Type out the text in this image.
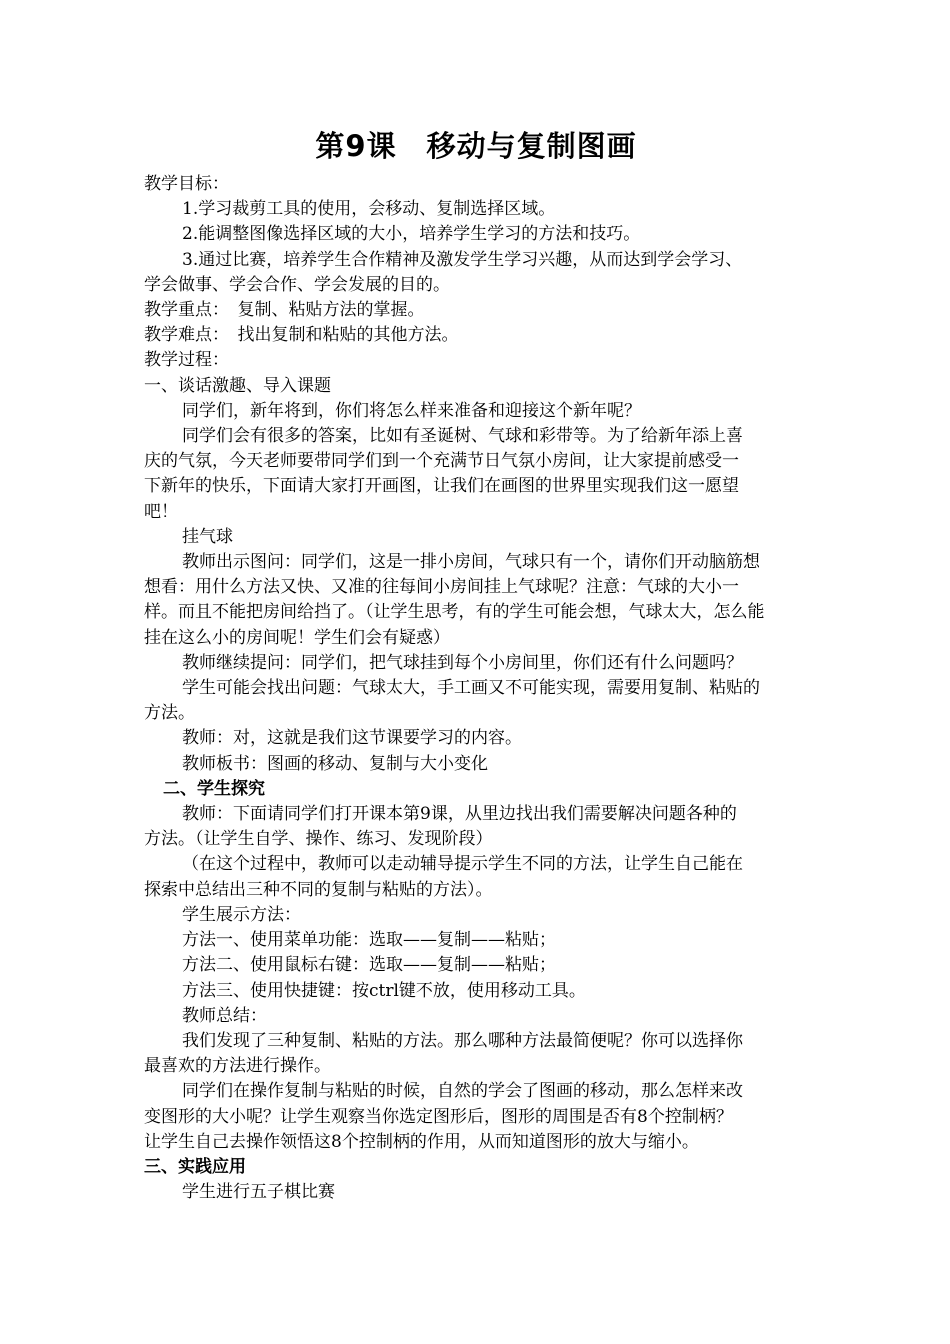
第9课　移动与复制图画

教学目标：

1.学习裁剪工具的使用，会移动、复制选择区域。

2.能调整图像选择区域的大小，培养学生学习的方法和技巧。

3.通过比赛，培养学生合作精神及激发学生学习兴趣，从而达到学会学习、

学会做事、学会合作、学会发展的目的。

教学重点：　复制、粘贴方法的掌握。

教学难点：　找出复制和粘贴的其他方法。

教学过程：

一、谈话激趣、导入课题

同学们，新年将到，你们将怎么样来准备和迎接这个新年呢？

同学们会有很多的答案，比如有圣诞树、气球和彩带等。为了给新年添上喜

庆的气氛，今天老师要带同学们到一个充满节日气氛小房间，让大家提前感受一

下新年的快乐，下面请大家打开画图，让我们在画图的世界里实现我们这一愿望

吧！

挂气球

教师出示图问：同学们，这是一排小房间，气球只有一个，请你们开动脑筋想

想看：用什么方法又快、又准的往每间小房间挂上气球呢？注意：气球的大小一

样。而且不能把房间给挡了。（让学生思考，有的学生可能会想，气球太大，怎么能

挂在这么小的房间呢！学生们会有疑惑）

教师继续提问：同学们，把气球挂到每个小房间里，你们还有什么问题吗？

学生可能会找出问题：气球太大，手工画又不可能实现，需要用复制、粘贴的

方法。

教师：对，这就是我们这节课要学习的内容。

教师板书：图画的移动、复制与大小变化

二、学生探究

教师：下面请同学们打开课本第9课，从里边找出我们需要解决问题各种的

方法。（让学生自学、操作、练习、发现阶段）

（在这个过程中，教师可以走动辅导提示学生不同的方法，让学生自己能在

探索中总结出三种不同的复制与粘贴的方法）。

学生展示方法：

方法一、使用菜单功能：选取——复制——粘贴；

方法二、使用鼠标右键：选取——复制——粘贴；

方法三、使用快捷键：按ctrl键不放，使用移动工具。

教师总结：

我们发现了三种复制、粘贴的方法。那么哪种方法最简便呢？你可以选择你

最喜欢的方法进行操作。

同学们在操作复制与粘贴的时候，自然的学会了图画的移动，那么怎样来改

变图形的大小呢？让学生观察当你选定图形后，图形的周围是否有8个控制柄？

让学生自己去操作领悟这8个控制柄的作用，从而知道图形的放大与缩小。

三、实践应用

学生进行五子棋比赛
